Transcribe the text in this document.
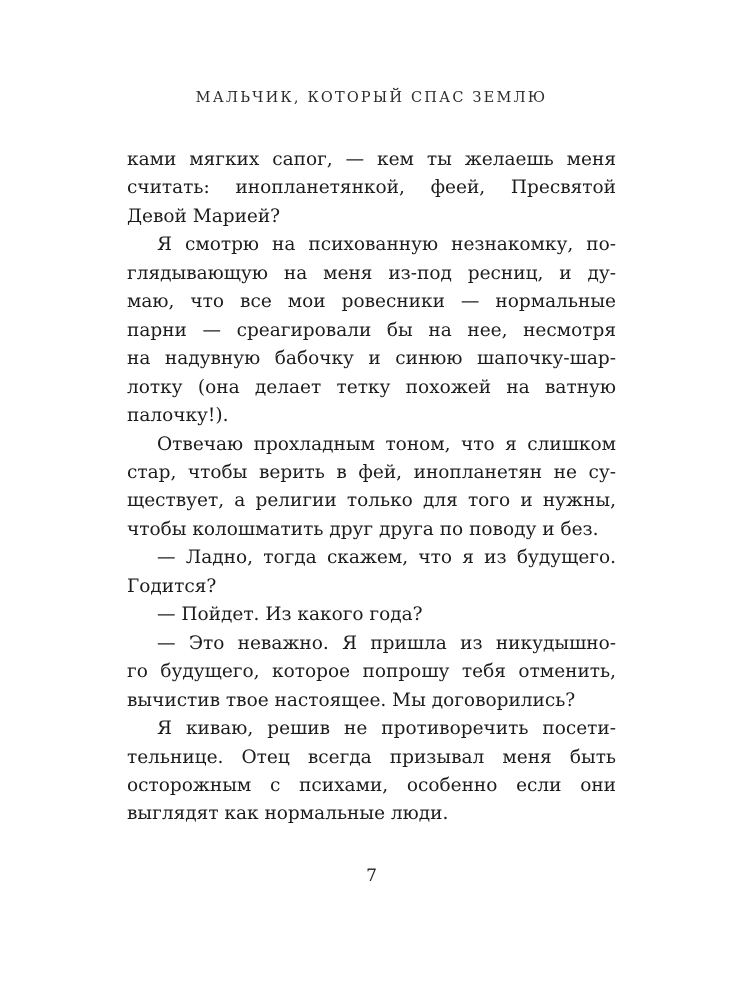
МАЛЬЧИК, КОТОРЫЙ СПАС ЗЕМЛЮ
ками мягких сапог, — кем ты желаешь меня
считать: инопланетянкой, феей, Пресвятой
Девой Марией?
Я смотрю на психованную незнакомку, по-
глядывающую на меня из-под ресниц, и ду-
маю, что все мои ровесники — нормальные
парни — среагировали бы на нее, несмотря
на надувную бабочку и синюю шапочку-шар-
лотку (она делает тетку похожей на ватную
палочку!).
Отвечаю прохладным тоном, что я слишком
стар, чтобы верить в фей, инопланетян не су-
ществует, а религии только для того и нужны,
чтобы колошматить друг друга по поводу и без.
— Ладно, тогда скажем, что я из будущего.
Годится?
— Пойдет. Из какого года?
— Это неважно. Я пришла из никудышно-
го будущего, которое попрошу тебя отменить,
вычистив твое настоящее. Мы договорились?
Я киваю, решив не противоречить посети-
тельнице. Отец всегда призывал меня быть
осторожным с психами, особенно если они
выглядят как нормальные люди.
7
